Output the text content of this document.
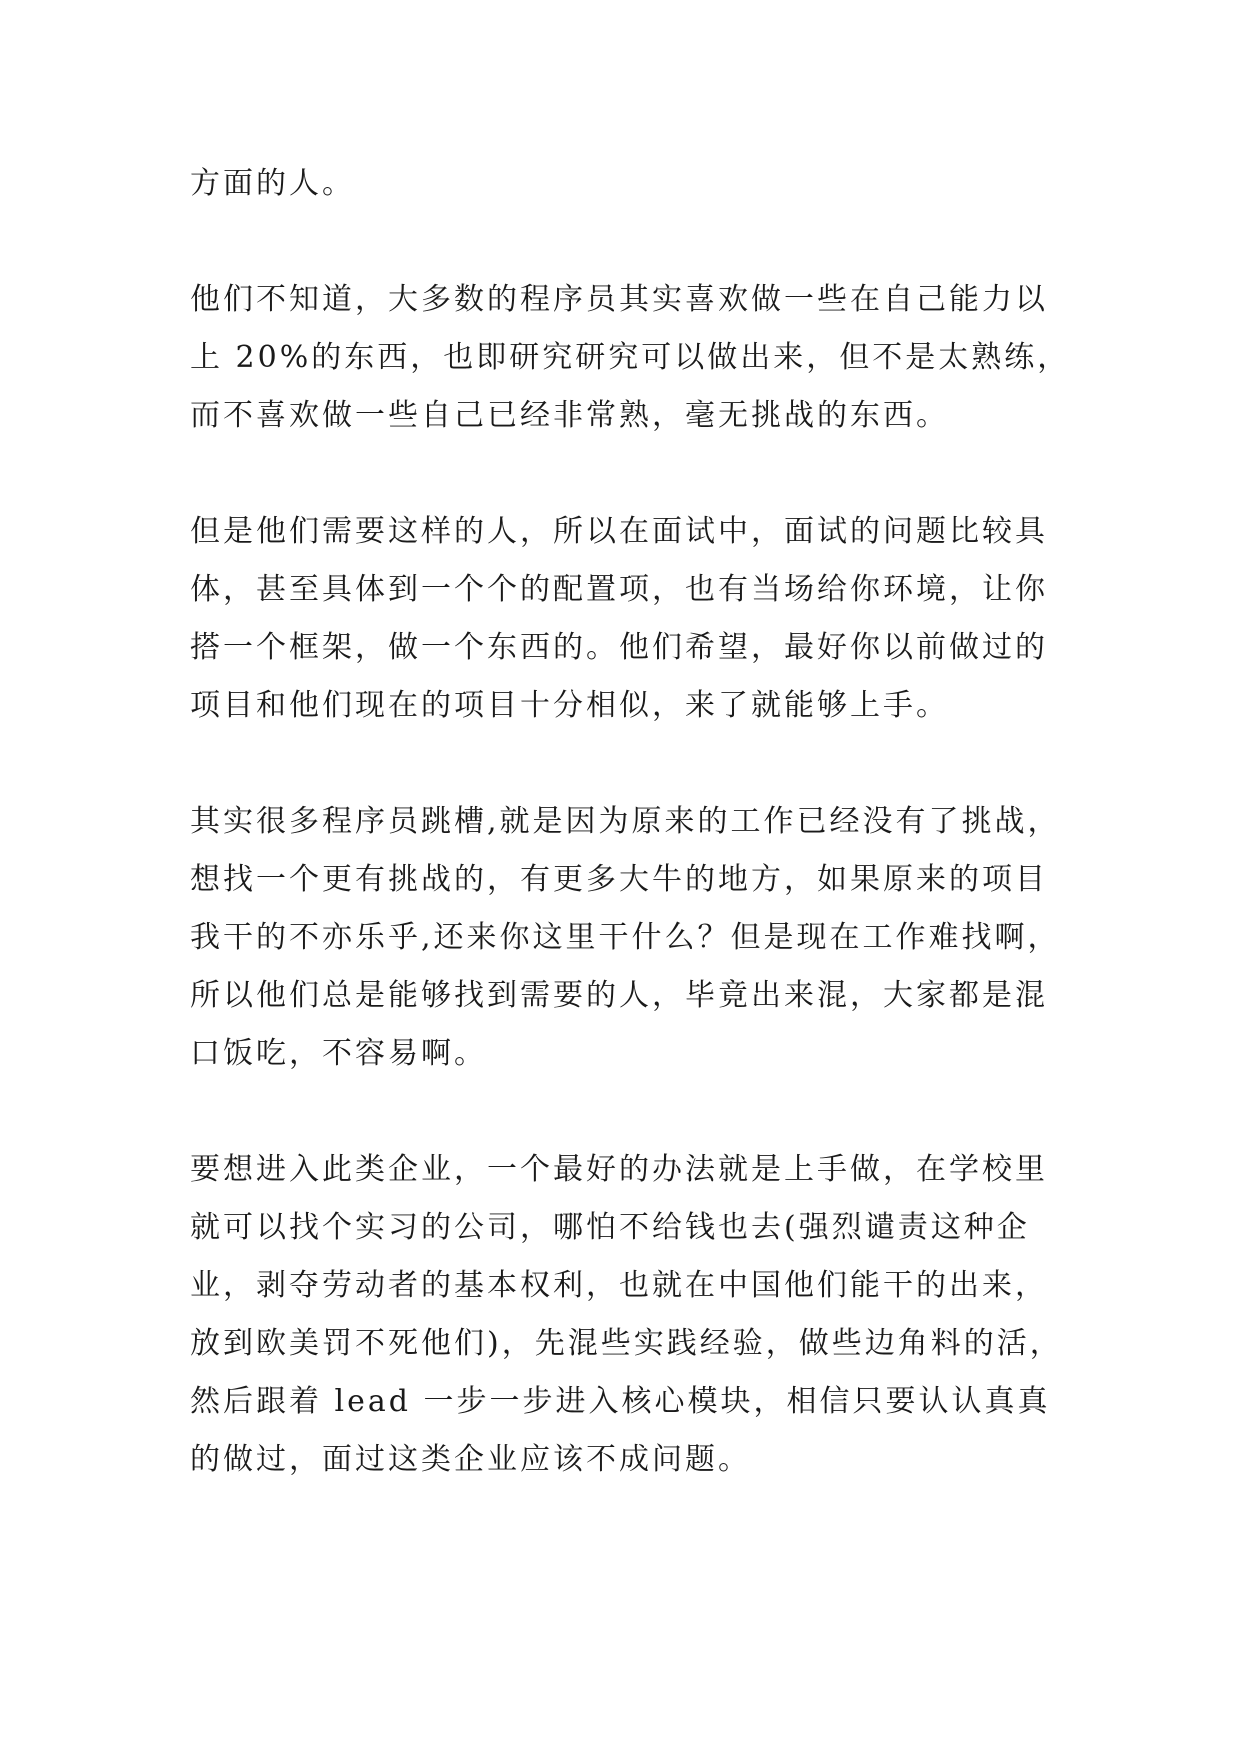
方面的人。

他们不知道，大多数的程序员其实喜欢做一些在自己能力以
上 20%的东西，也即研究研究可以做出来，但不是太熟练，
而不喜欢做一些自己已经非常熟，毫无挑战的东西。

但是他们需要这样的人，所以在面试中，面试的问题比较具
体，甚至具体到一个个的配置项，也有当场给你环境，让你
搭一个框架，做一个东西的。他们希望，最好你以前做过的
项目和他们现在的项目十分相似，来了就能够上手。

其实很多程序员跳槽,就是因为原来的工作已经没有了挑战，
想找一个更有挑战的，有更多大牛的地方，如果原来的项目
我干的不亦乐乎,还来你这里干什么？但是现在工作难找啊，
所以他们总是能够找到需要的人，毕竟出来混，大家都是混
口饭吃，不容易啊。

要想进入此类企业，一个最好的办法就是上手做，在学校里
就可以找个实习的公司，哪怕不给钱也去(强烈谴责这种企
业，剥夺劳动者的基本权利，也就在中国他们能干的出来，
放到欧美罚不死他们)，先混些实践经验，做些边角料的活，
然后跟着 lead 一步一步进入核心模块，相信只要认认真真
的做过，面过这类企业应该不成问题。
